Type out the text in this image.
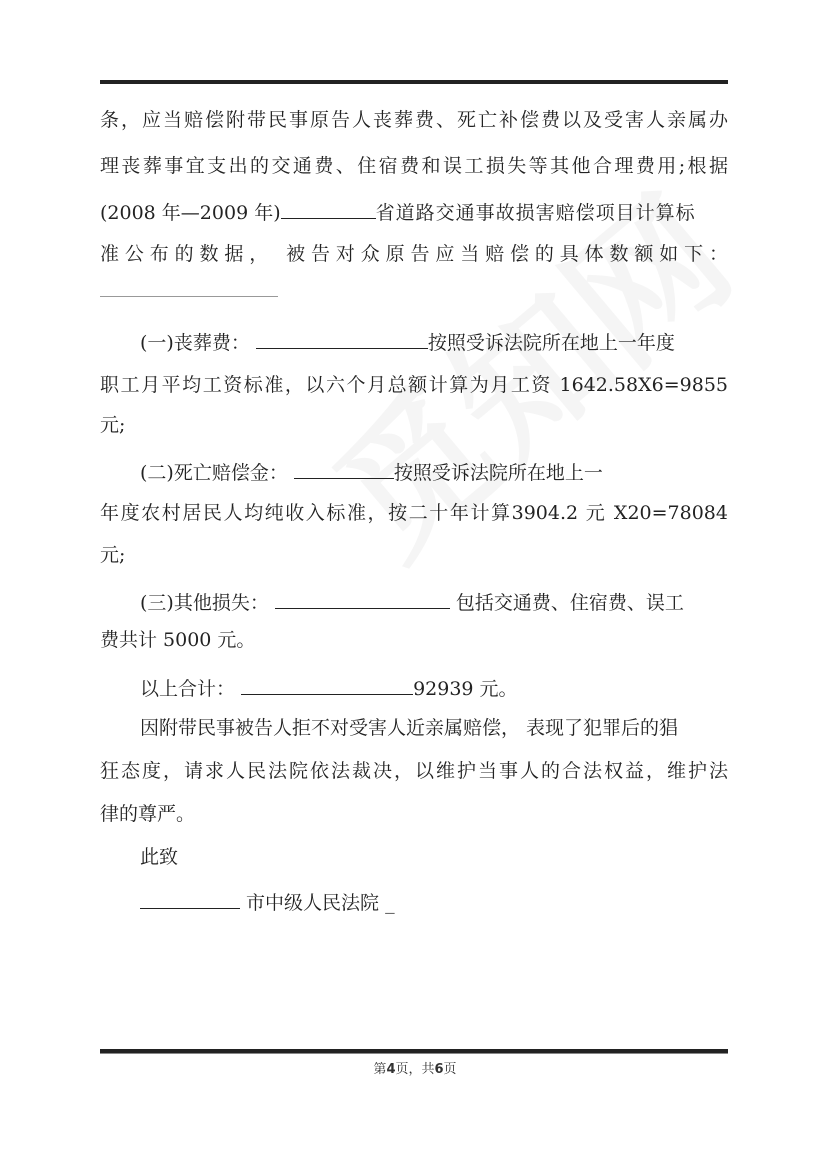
条，应当赔偿附带民事原告人丧葬费、死亡补偿费以及受害人亲属办
理丧葬事宜支出的交通费、住宿费和误工损失等其他合理费用;根据
(2008 年—2009 年)	省道路交通事故损害赔偿项目计算标
准公布的数据， 被告对众原告应当赔偿的具体数额如下：
(一)丧葬费：	按照受诉法院所在地上一年度
职工月平均工资标准，以六个月总额计算为月工资 1642.58X6=9855
元;
(二)死亡赔偿金：	按照受诉法院所在地上一
年度农村居民人均纯收入标准，按二十年计算3904.2 元 X20=78084
元;
(三)其他损失：	包括交通费、住宿费、误工
费共计 5000 元。
以上合计：	92939 元。
因附带民事被告人拒不对受害人近亲属赔偿， 表现了犯罪后的猖
狂态度，请求人民法院依法裁决，以维护当事人的合法权益，维护法
律的尊严。
此致
市中级人民法院 _
第4页，共6页
